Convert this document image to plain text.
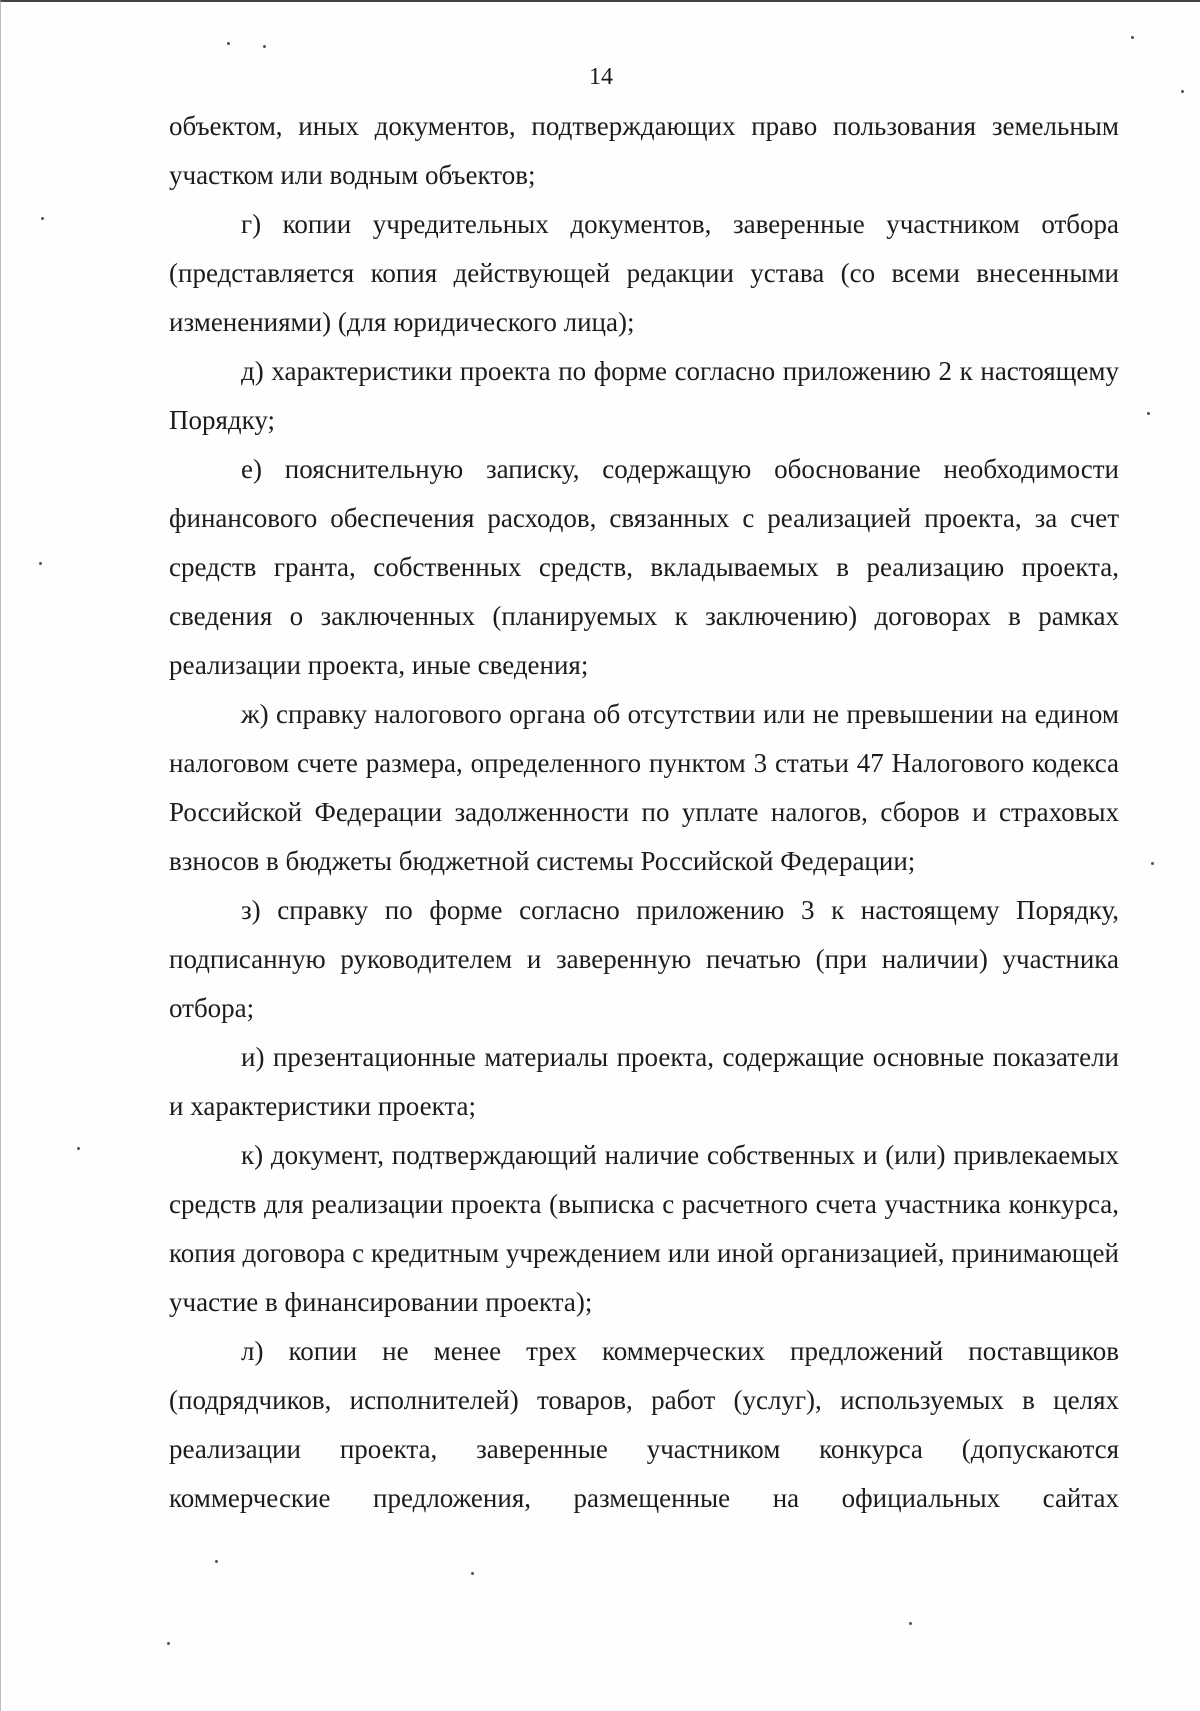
14

объектом, иных документов, подтверждающих право пользования земельным участком или водным объектов;

г) копии учредительных документов, заверенные участником отбора (представляется копия действующей редакции устава (со всеми внесенными изменениями) (для юридического лица);

д) характеристики проекта по форме согласно приложению 2 к настоящему Порядку;

е) пояснительную записку, содержащую обоснование необходимости финансового обеспечения расходов, связанных с реализацией проекта, за счет средств гранта, собственных средств, вкладываемых в реализацию проекта, сведения о заключенных (планируемых к заключению) договорах в рамках реализации проекта, иные сведения;

ж) справку налогового органа об отсутствии или не превышении на едином налоговом счете размера, определенного пунктом 3 статьи 47 Налогового кодекса Российской Федерации задолженности по уплате налогов, сборов и страховых взносов в бюджеты бюджетной системы Российской Федерации;

з) справку по форме согласно приложению 3 к настоящему Порядку, подписанную руководителем и заверенную печатью (при наличии) участника отбора;

и) презентационные материалы проекта, содержащие основные показатели и характеристики проекта;

к) документ, подтверждающий наличие собственных и (или) привлекаемых средств для реализации проекта (выписка с расчетного счета участника конкурса, копия договора с кредитным учреждением или иной организацией, принимающей участие в финансировании проекта);

л) копии не менее трех коммерческих предложений поставщиков (подрядчиков, исполнителей) товаров, работ (услуг), используемых в целях реализации проекта, заверенные участником конкурса (допускаются коммерческие предложения, размещенные на официальных сайтах
